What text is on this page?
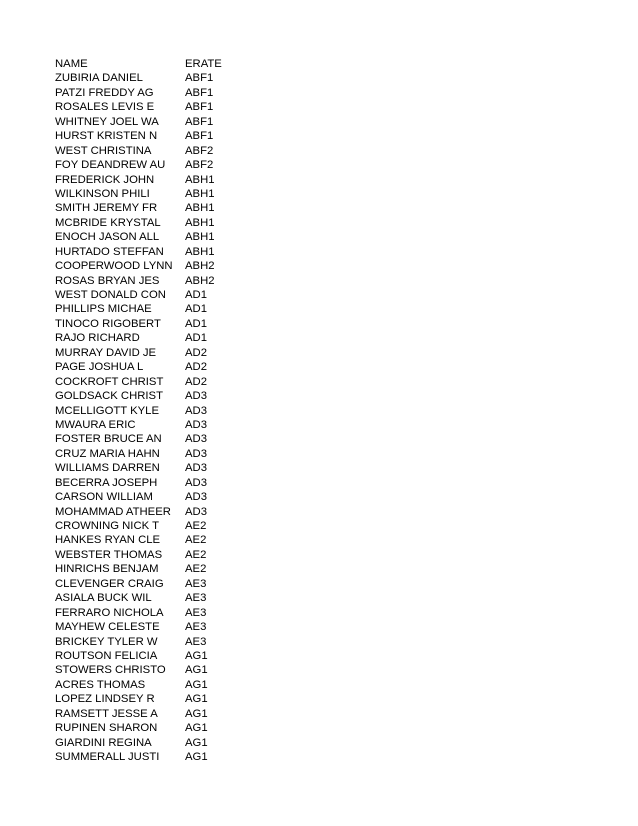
NAME	ERATE
ZUBIRIA DANIEL	ABF1
PATZI FREDDY AG	ABF1
ROSALES LEVIS E	ABF1
WHITNEY JOEL WA	ABF1
HURST KRISTEN N	ABF1
WEST CHRISTINA	ABF2
FOY DEANDREW AU	ABF2
FREDERICK JOHN	ABH1
WILKINSON PHILI	ABH1
SMITH JEREMY FR	ABH1
MCBRIDE KRYSTAL	ABH1
ENOCH JASON ALL	ABH1
HURTADO STEFFAN	ABH1
COOPERWOOD LYNN	ABH2
ROSAS BRYAN JES	ABH2
WEST DONALD CON	AD1
PHILLIPS MICHAE	AD1
TINOCO RIGOBERT	AD1
RAJO RICHARD	AD1
MURRAY DAVID JE	AD2
PAGE JOSHUA L	AD2
COCKROFT CHRIST	AD2
GOLDSACK CHRIST	AD3
MCELLIGOTT KYLE	AD3
MWAURA ERIC	AD3
FOSTER BRUCE AN	AD3
CRUZ MARIA HAHN	AD3
WILLIAMS DARREN	AD3
BECERRA JOSEPH	AD3
CARSON WILLIAM	AD3
MOHAMMAD ATHEER	AD3
CROWNING NICK T	AE2
HANKES RYAN CLE	AE2
WEBSTER THOMAS	AE2
HINRICHS BENJAM	AE2
CLEVENGER CRAIG	AE3
ASIALA BUCK WIL	AE3
FERRARO NICHOLA	AE3
MAYHEW CELESTE	AE3
BRICKEY TYLER W	AE3
ROUTSON FELICIA	AG1
STOWERS CHRISTO	AG1
ACRES THOMAS	AG1
LOPEZ LINDSEY R	AG1
RAMSETT JESSE A	AG1
RUPINEN SHARON	AG1
GIARDINI REGINA	AG1
SUMMERALL JUSTI	AG1
